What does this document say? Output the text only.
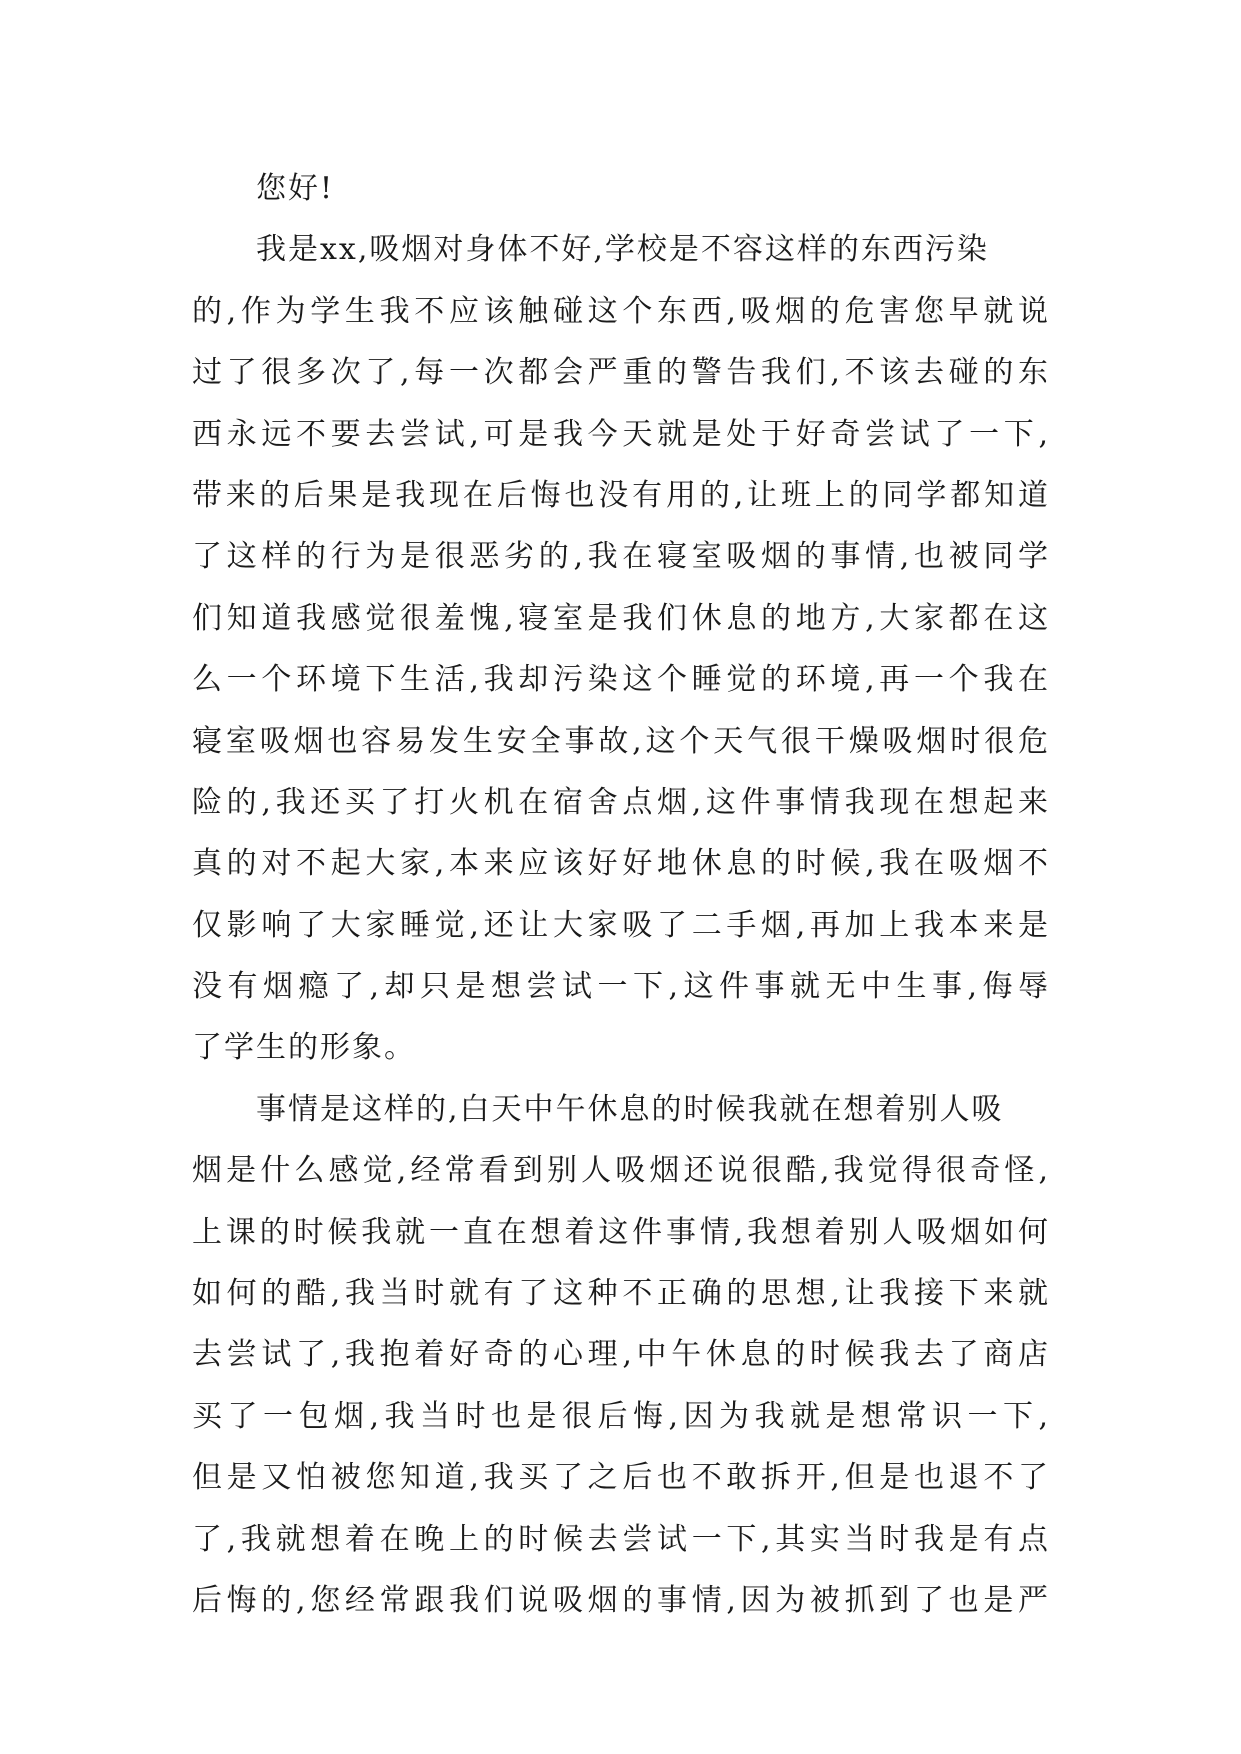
您好!
我是xx,吸烟对身体不好,学校是不容这样的东西污染
的,作为学生我不应该触碰这个东西,吸烟的危害您早就说
过了很多次了,每一次都会严重的警告我们,不该去碰的东
西永远不要去尝试,可是我今天就是处于好奇尝试了一下,
带来的后果是我现在后悔也没有用的,让班上的同学都知道
了这样的行为是很恶劣的,我在寝室吸烟的事情,也被同学
们知道我感觉很羞愧,寝室是我们休息的地方,大家都在这
么一个环境下生活,我却污染这个睡觉的环境,再一个我在
寝室吸烟也容易发生安全事故,这个天气很干燥吸烟时很危
险的,我还买了打火机在宿舍点烟,这件事情我现在想起来
真的对不起大家,本来应该好好地休息的时候,我在吸烟不
仅影响了大家睡觉,还让大家吸了二手烟,再加上我本来是
没有烟瘾了,却只是想尝试一下,这件事就无中生事,侮辱
了学生的形象。
事情是这样的,白天中午休息的时候我就在想着别人吸
烟是什么感觉,经常看到别人吸烟还说很酷,我觉得很奇怪,
上课的时候我就一直在想着这件事情,我想着别人吸烟如何
如何的酷,我当时就有了这种不正确的思想,让我接下来就
去尝试了,我抱着好奇的心理,中午休息的时候我去了商店
买了一包烟,我当时也是很后悔,因为我就是想常识一下,
但是又怕被您知道,我买了之后也不敢拆开,但是也退不了
了,我就想着在晚上的时候去尝试一下,其实当时我是有点
后悔的,您经常跟我们说吸烟的事情,因为被抓到了也是严
